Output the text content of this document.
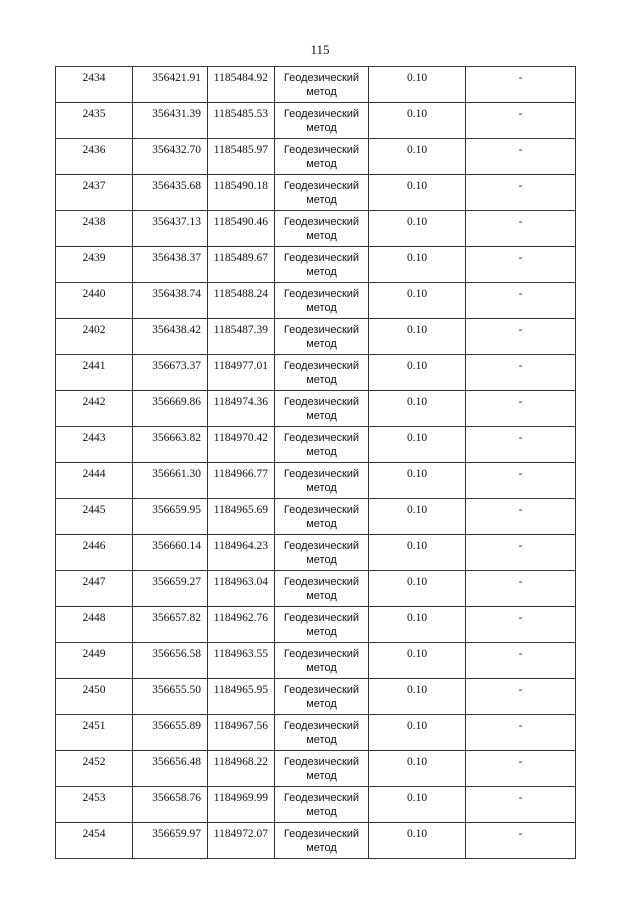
115
2434	356421.91	1185484.92	Геодезический метод	0.10	-

2435	356431.39	1185485.53	Геодезический метод	0.10	-

2436	356432.70	1185485.97	Геодезический метод	0.10	-

2437	356435.68	1185490.18	Геодезический метод	0.10	-

2438	356437.13	1185490.46	Геодезический метод	0.10	-

2439	356438.37	1185489.67	Геодезический метод	0.10	-

2440	356438.74	1185488.24	Геодезический метод	0.10	-

2402	356438.42	1185487.39	Геодезический метод	0.10	-

2441	356673.37	1184977.01	Геодезический метод	0.10	-

2442	356669.86	1184974.36	Геодезический метод	0.10	-

2443	356663.82	1184970.42	Геодезический метод	0.10	-

2444	356661.30	1184966.77	Геодезический метод	0.10	-

2445	356659.95	1184965.69	Геодезический метод	0.10	-

2446	356660.14	1184964.23	Геодезический метод	0.10	-

2447	356659.27	1184963.04	Геодезический метод	0.10	-

2448	356657.82	1184962.76	Геодезический метод	0.10	-

2449	356656.58	1184963.55	Геодезический метод	0.10	-

2450	356655.50	1184965.95	Геодезический метод	0.10	-

2451	356655.89	1184967.56	Геодезический метод	0.10	-

2452	356656.48	1184968.22	Геодезический метод	0.10	-

2453	356658.76	1184969.99	Геодезический метод	0.10	-

2454	356659.97	1184972.07	Геодезический метод	0.10	-
